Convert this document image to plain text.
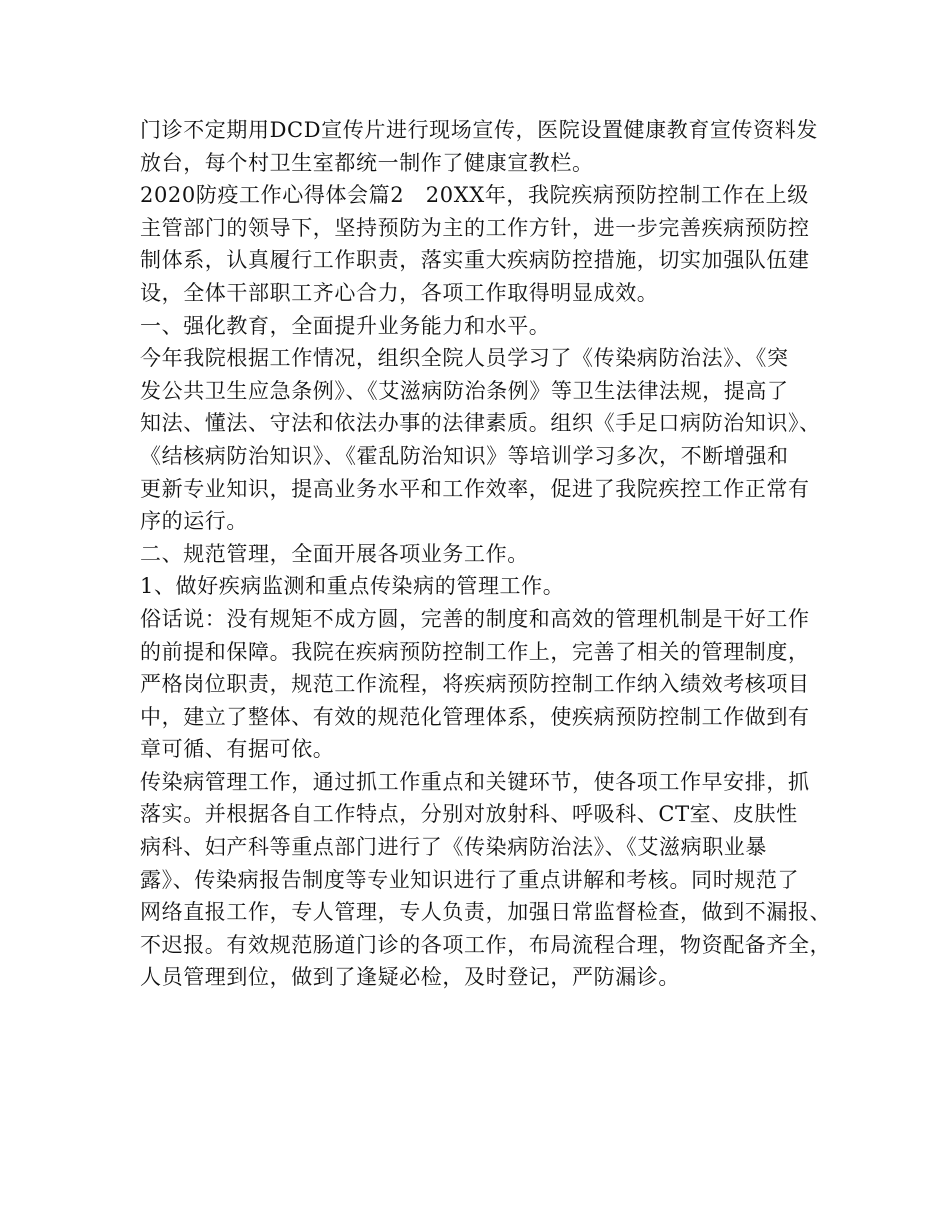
门诊不定期用DCD宣传片进行现场宣传，医院设置健康教育宣传资料发
放台，每个村卫生室都统一制作了健康宣教栏。
2020防疫工作心得体会篇2　20XX年，我院疾病预防控制工作在上级
主管部门的领导下，坚持预防为主的工作方针，进一步完善疾病预防控
制体系，认真履行工作职责，落实重大疾病防控措施，切实加强队伍建
设，全体干部职工齐心合力，各项工作取得明显成效。
一、强化教育，全面提升业务能力和水平。
今年我院根据工作情况，组织全院人员学习了《传染病防治法》、《突
发公共卫生应急条例》、《艾滋病防治条例》等卫生法律法规，提高了
知法、懂法、守法和依法办事的法律素质。组织《手足口病防治知识》、
《结核病防治知识》、《霍乱防治知识》等培训学习多次，不断增强和
更新专业知识，提高业务水平和工作效率，促进了我院疾控工作正常有
序的运行。
二、规范管理，全面开展各项业务工作。
1、做好疾病监测和重点传染病的管理工作。
俗话说：没有规矩不成方圆，完善的制度和高效的管理机制是干好工作
的前提和保障。我院在疾病预防控制工作上，完善了相关的管理制度，
严格岗位职责，规范工作流程，将疾病预防控制工作纳入绩效考核项目
中，建立了整体、有效的规范化管理体系，使疾病预防控制工作做到有
章可循、有据可依。
传染病管理工作，通过抓工作重点和关键环节，使各项工作早安排，抓
落实。并根据各自工作特点，分别对放射科、呼吸科、CT室、皮肤性
病科、妇产科等重点部门进行了《传染病防治法》、《艾滋病职业暴
露》、传染病报告制度等专业知识进行了重点讲解和考核。同时规范了
网络直报工作，专人管理，专人负责，加强日常监督检查，做到不漏报、
不迟报。有效规范肠道门诊的各项工作，布局流程合理，物资配备齐全，
人员管理到位，做到了逢疑必检，及时登记，严防漏诊。
